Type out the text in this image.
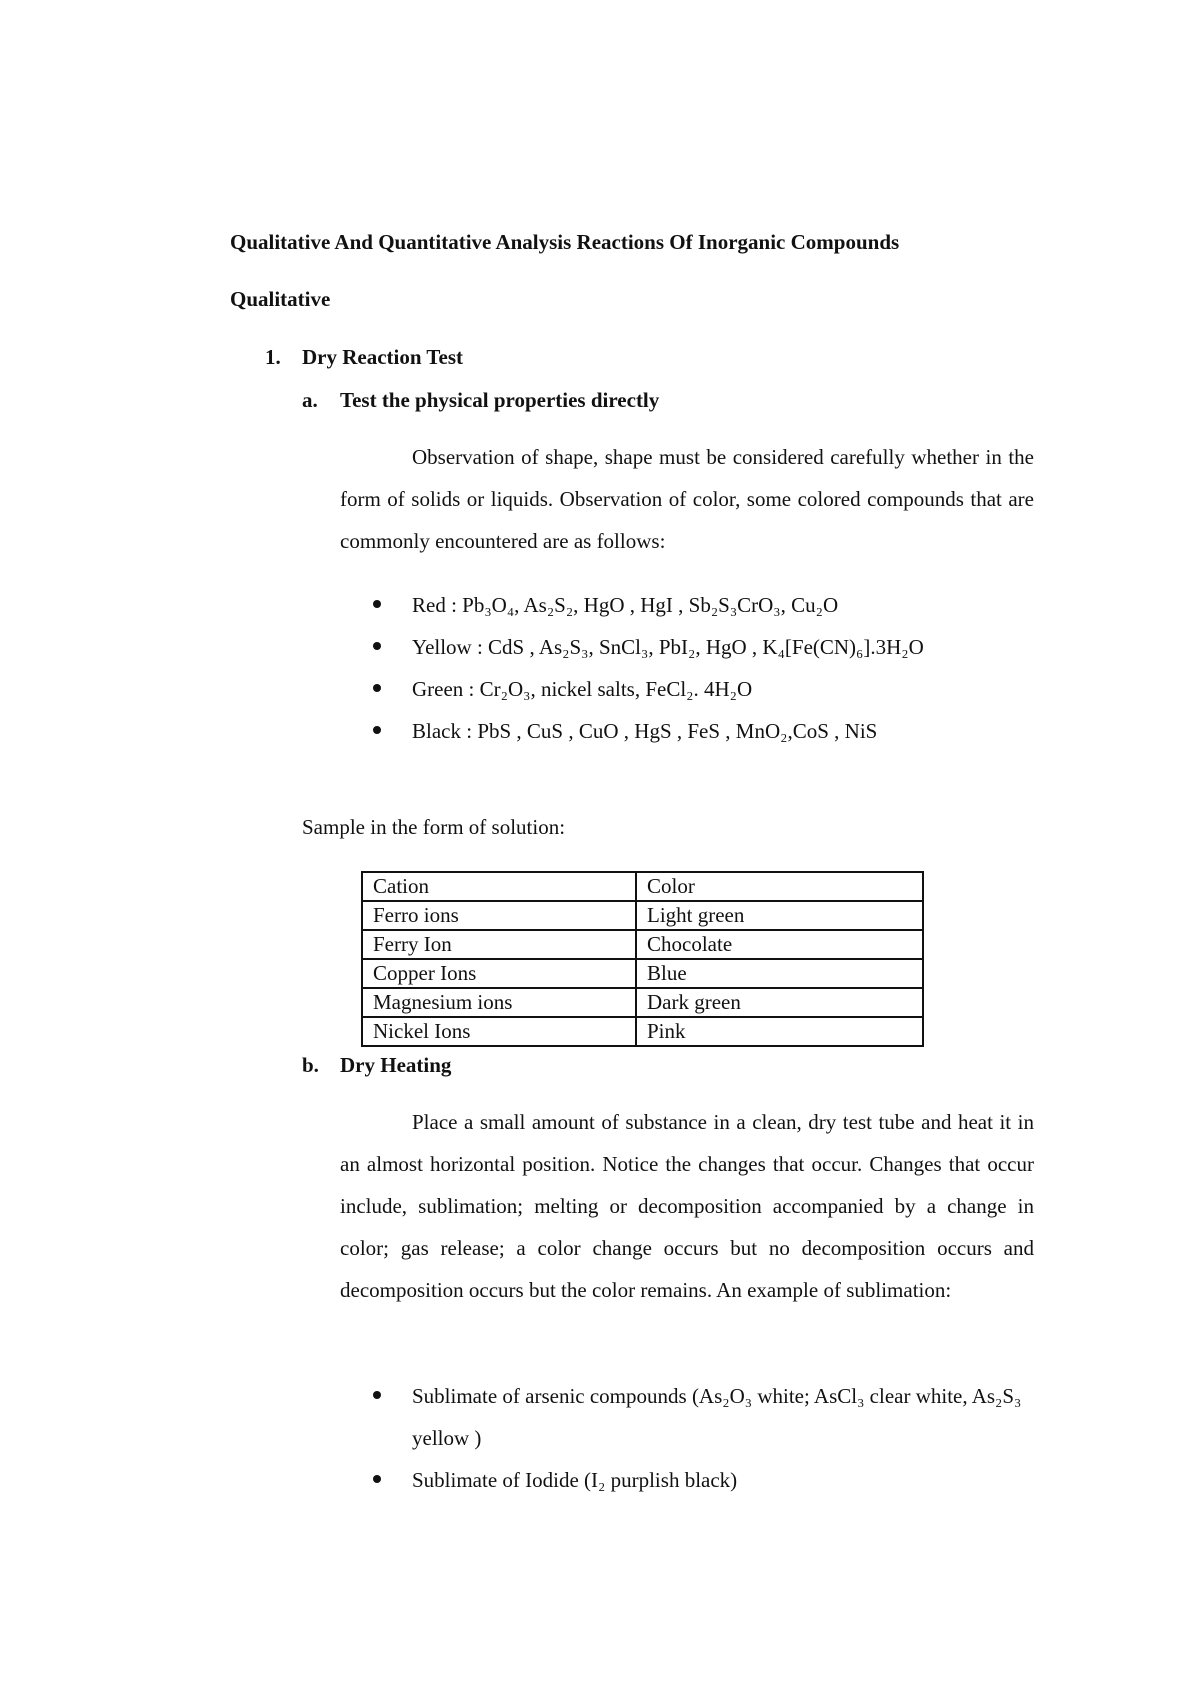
Qualitative And Quantitative Analysis Reactions Of Inorganic Compounds
Qualitative
1. Dry Reaction Test
a. Test the physical properties directly

Observation of shape, shape must be considered carefully whether in the form of solids or liquids. Observation of color, some colored compounds that are commonly encountered are as follows:

Red : Pb₃O₄, As₂S₂, HgO , HgI , Sb₂S₃CrO₃, Cu₂O
Yellow : CdS , As₂S₃, SnCl₃, PbI₂, HgO , K₄[Fe(CN)₆].3H₂O
Green : Cr₂O₃, nickel salts, FeCl₂. 4H₂O
Black : PbS , CuS , CuO , HgS , FeS , MnO₂,CoS , NiS
Sample in the form of solution:
Cation	Color
Ferro ions	Light green
Ferry Ion	Chocolate
Copper Ions	Blue
Magnesium ions	Dark green
Nickel Ions	Pink
b. Dry Heating

Place a small amount of substance in a clean, dry test tube and heat it in an almost horizontal position. Notice the changes that occur. Changes that occur include, sublimation; melting or decomposition accompanied by a change in color; gas release; a color change occurs but no decomposition occurs and decomposition occurs but the color remains. An example of sublimation:

Sublimate of arsenic compounds (As₂O₃ white; AsCl₃ clear white, As₂S₃ yellow )
Sublimate of Iodide (I₂ purplish black)
